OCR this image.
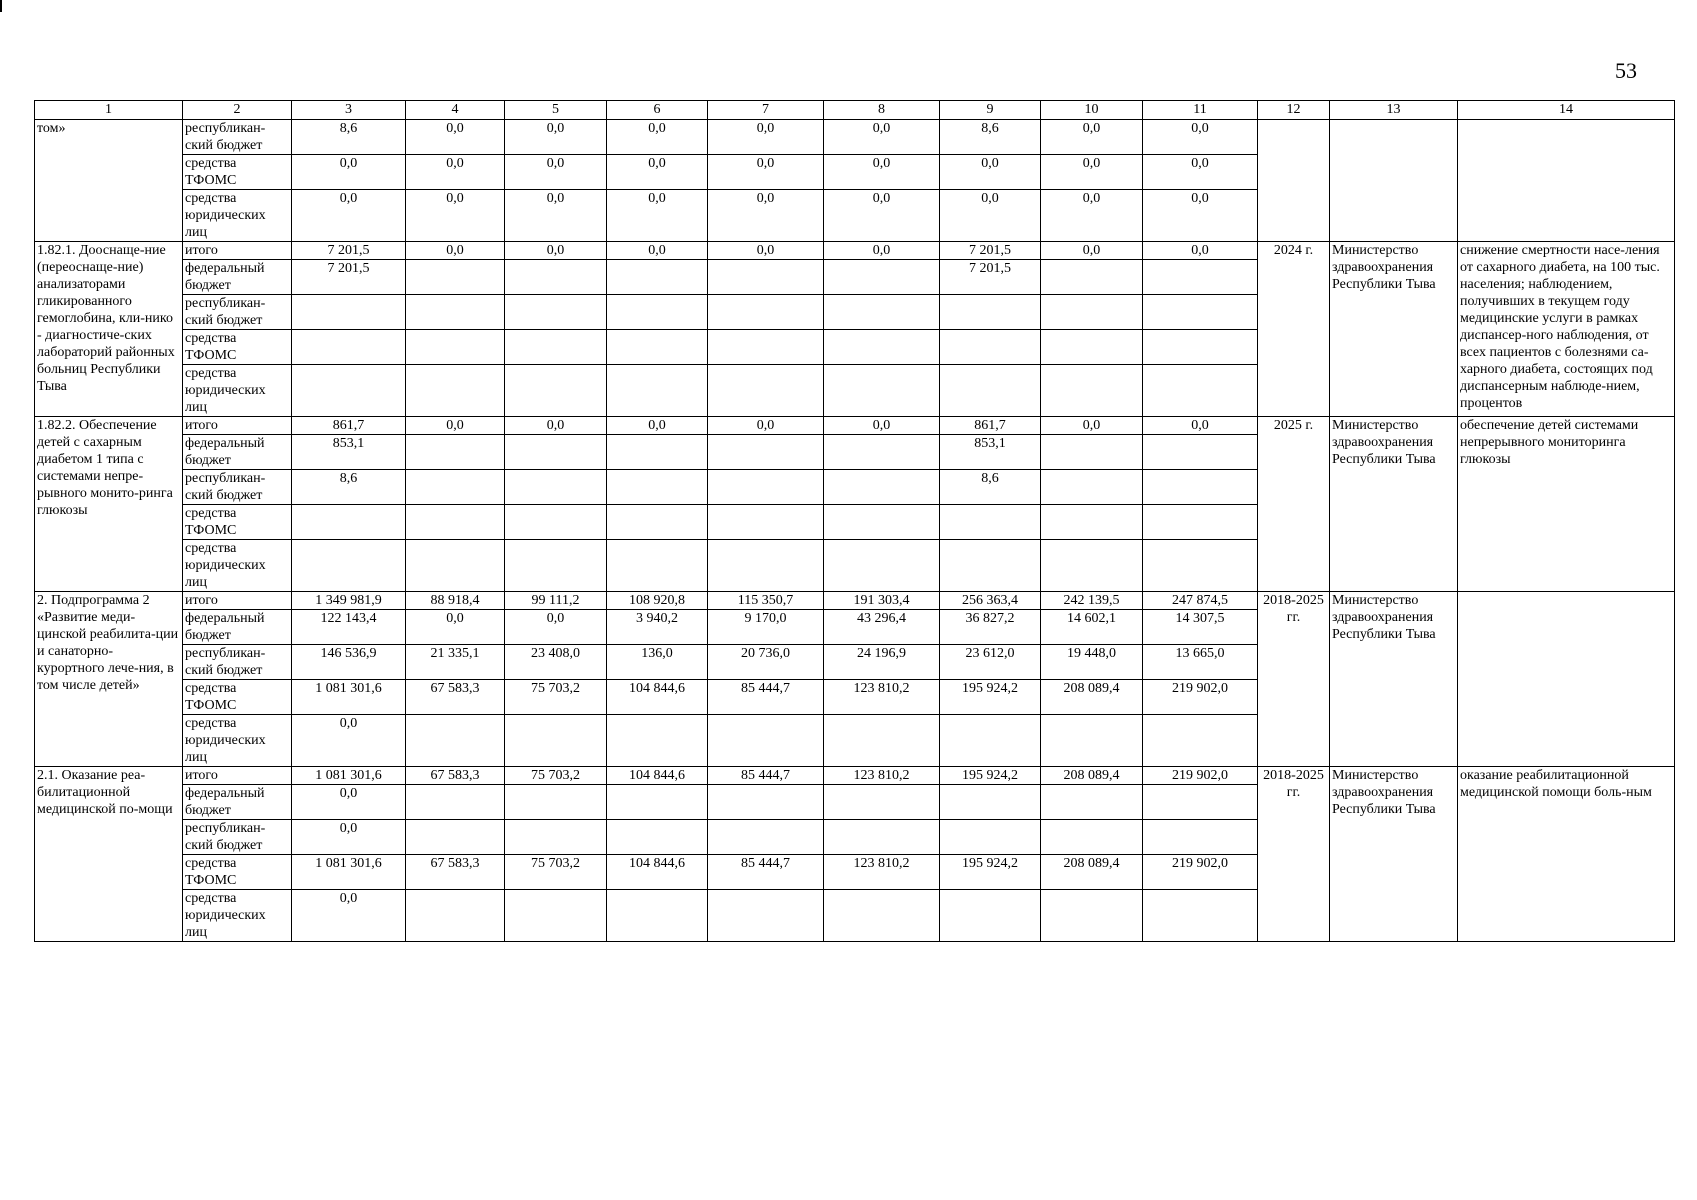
53
1	2	3	4	5	6	7	8	9	10	11	12	13	14
том»	республикан-ский бюджет	8,6	0,0	0,0	0,0	0,0	0,0	8,6	0,0	0,0			
	средства ТФОМС	0,0	0,0	0,0	0,0	0,0	0,0	0,0	0,0	0,0			
	средства юридических лиц	0,0	0,0	0,0	0,0	0,0	0,0	0,0	0,0	0,0			
1.82.1. Дооснаще-ние (переоснаще-ние) анализаторами гликированного гемоглобина, кли-нико - диагностиче-ских лабораторий районных больниц Республики Тыва	итого	7 201,5	0,0	0,0	0,0	0,0	0,0	7 201,5	0,0	0,0	2024 г.	Министерство здравоохранения Республики Тыва	снижение смертности насе-ления от сахарного диабета, на 100 тыс. населения; наблюдением, получивших в текущем году медицинские услуги в рамках диспансер-ного наблюдения, от всех пациентов с болезнями са-харного диабета, состоящих под диспансерным наблюде-нием, процентов
	федеральный бюджет	7 201,5						7 201,5					
	республикан-ский бюджет												
	средства ТФОМС												
	средства юридических лиц												
1.82.2. Обеспечение детей с сахарным диабетом 1 типа с системами непре-рывного монито-ринга глюкозы	итого	861,7	0,0	0,0	0,0	0,0	0,0	861,7	0,0	0,0	2025 г.	Министерство здравоохранения Республики Тыва	обеспечение детей системами непрерывного мониторинга глюкозы
	федеральный бюджет	853,1						853,1					
	республикан-ский бюджет	8,6						8,6					
	средства ТФОМС												
	средства юридических лиц												
2. Подпрограмма 2 «Развитие меди-цинской реабилита-ции и санаторно-курортного лече-ния, в том числе детей»	итого	1 349 981,9	88 918,4	99 111,2	108 920,8	115 350,7	191 303,4	256 363,4	242 139,5	247 874,5	2018-2025 гг.	Министерство здравоохранения Республики Тыва	
	федеральный бюджет	122 143,4	0,0	0,0	3 940,2	9 170,0	43 296,4	36 827,2	14 602,1	14 307,5			
	республикан-ский бюджет	146 536,9	21 335,1	23 408,0	136,0	20 736,0	24 196,9	23 612,0	19 448,0	13 665,0			
	средства ТФОМС	1 081 301,6	67 583,3	75 703,2	104 844,6	85 444,7	123 810,2	195 924,2	208 089,4	219 902,0			
	средства юридических лиц	0,0											
2.1. Оказание реа-билитационной медицинской по-мощи	итого	1 081 301,6	67 583,3	75 703,2	104 844,6	85 444,7	123 810,2	195 924,2	208 089,4	219 902,0	2018-2025 гг.	Министерство здравоохранения Республики Тыва	оказание реабилитационной медицинской помощи боль-ным
	федеральный бюджет	0,0											
	республикан-ский бюджет	0,0											
	средства ТФОМС	1 081 301,6	67 583,3	75 703,2	104 844,6	85 444,7	123 810,2	195 924,2	208 089,4	219 902,0			
	средства юридических лиц	0,0											
